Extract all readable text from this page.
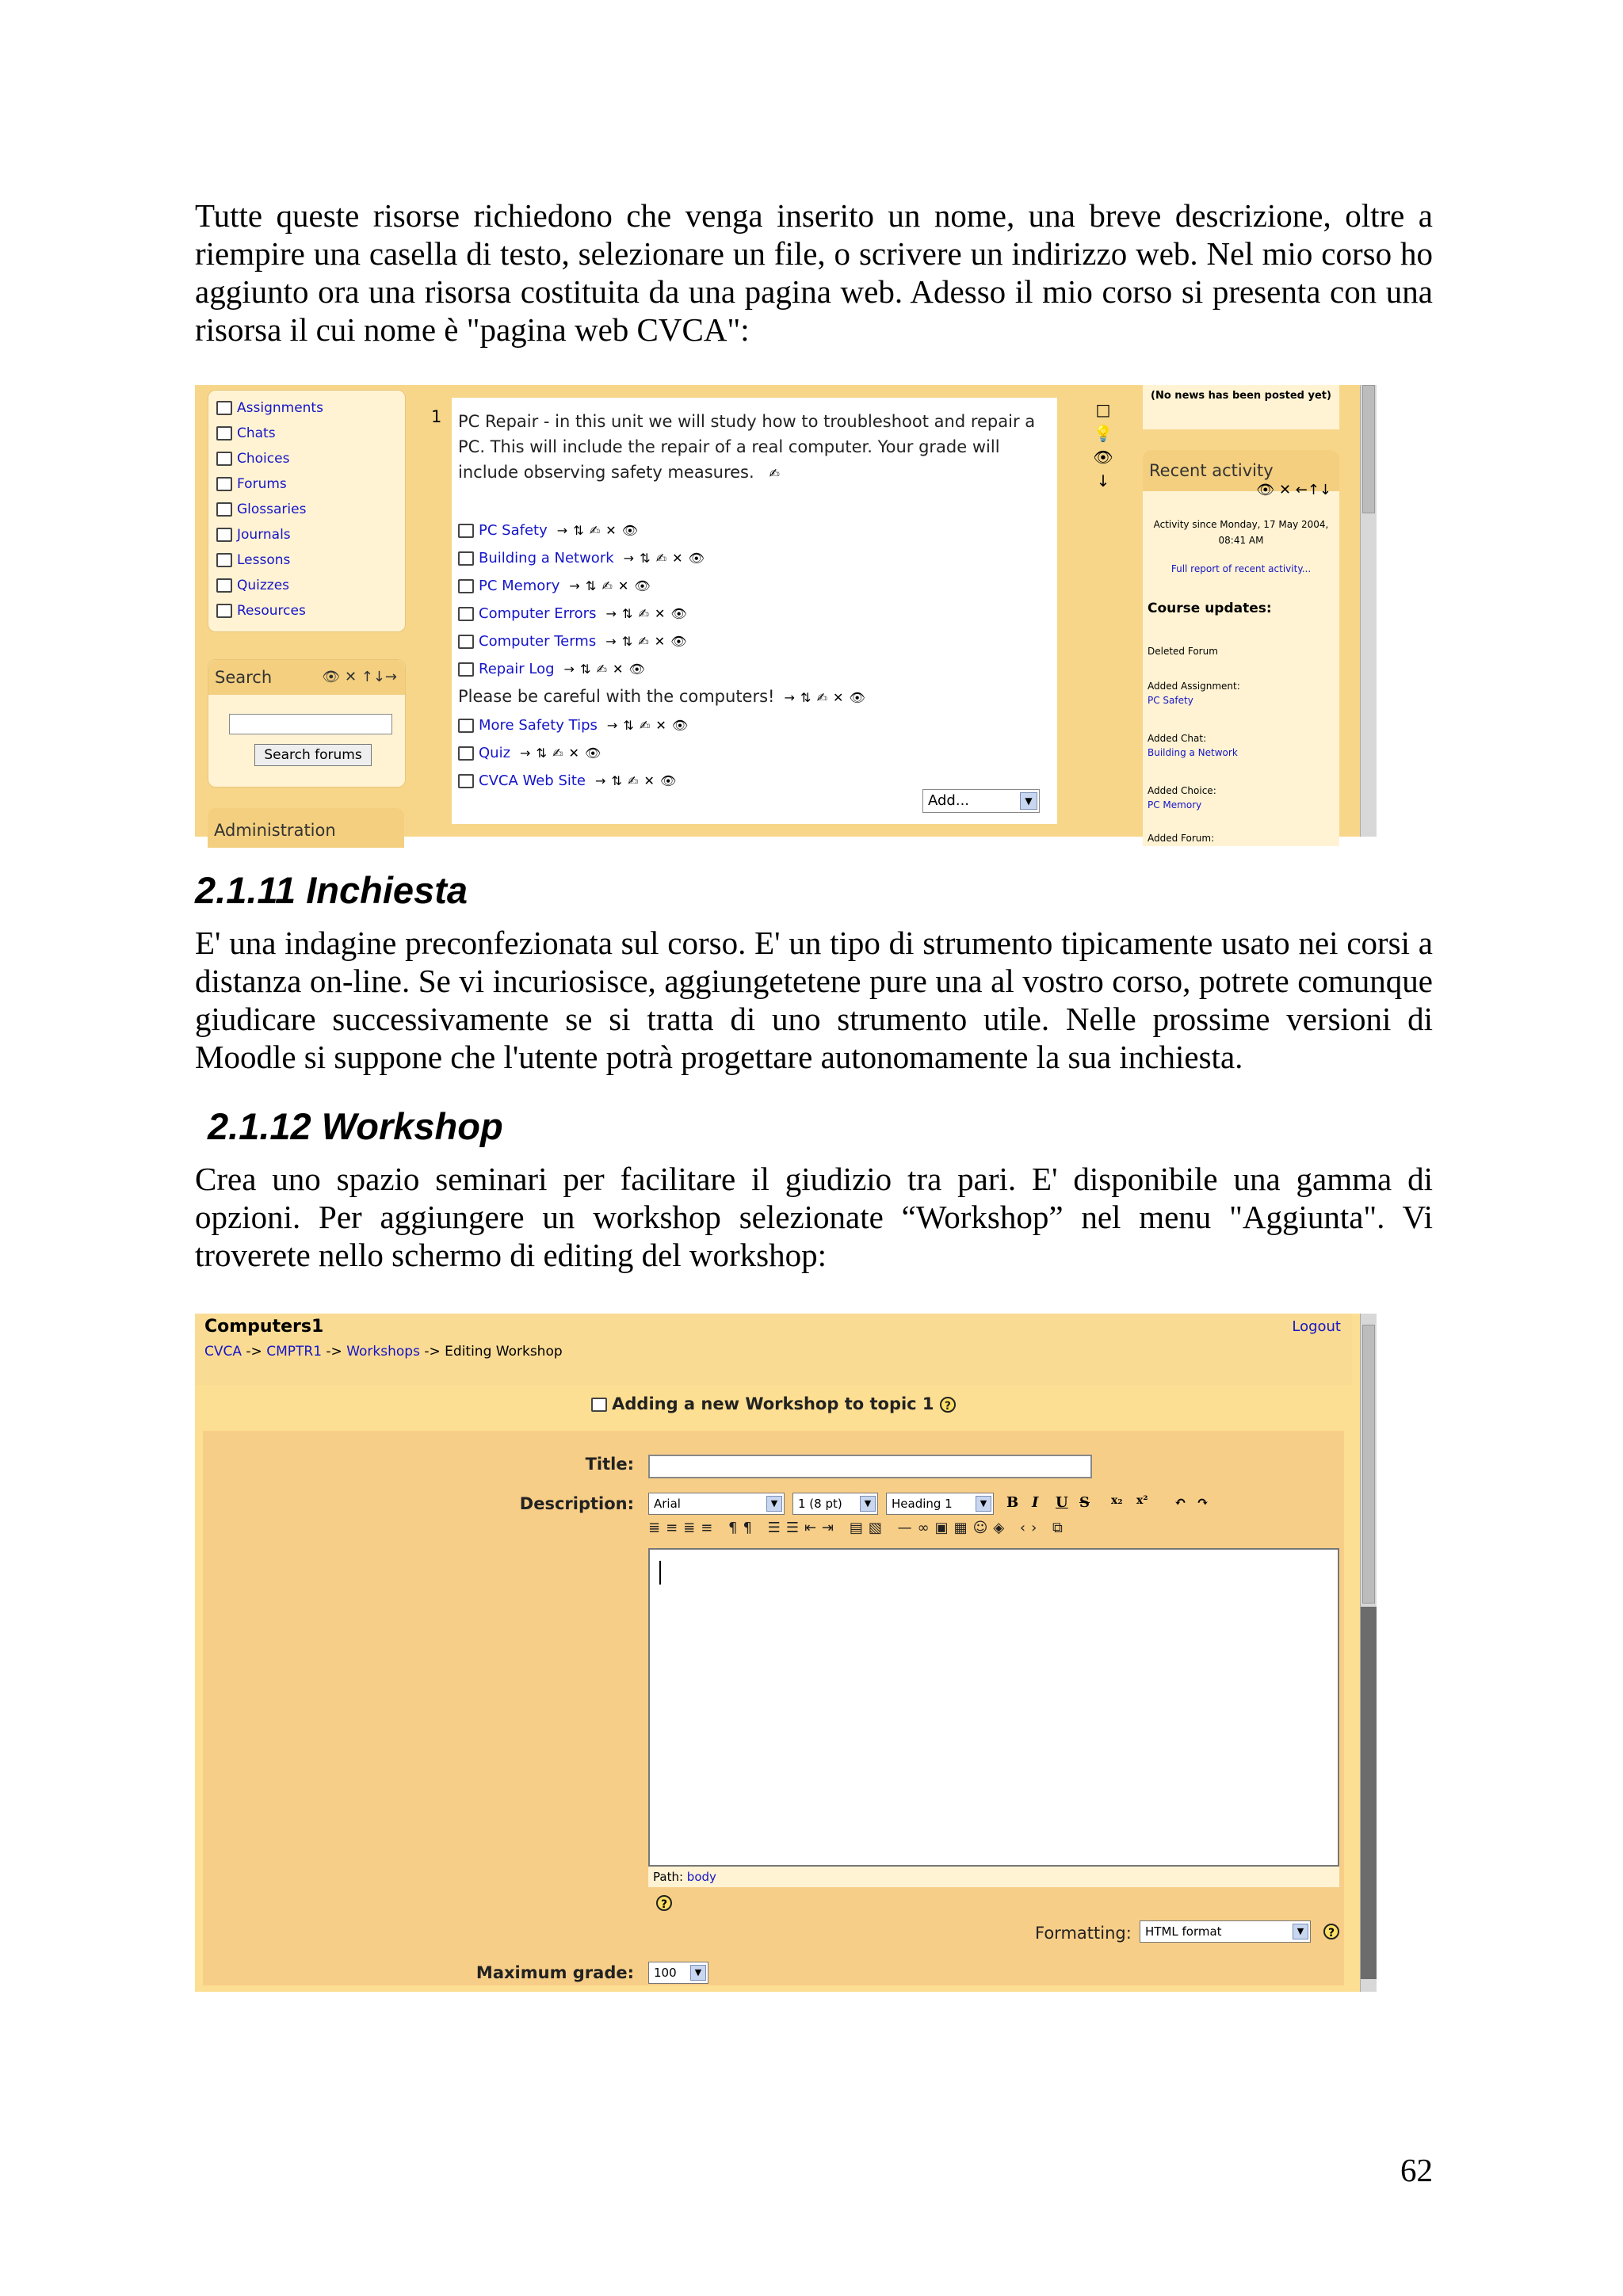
Tutte queste risorse richiedono che venga inserito un nome, una breve descrizione, oltre a riempire una casella di testo, selezionare un file, o scrivere un indirizzo web. Nel mio corso ho aggiunto ora una risorsa costituita da una pagina web. Adesso il mio corso si presenta con una risorsa il cui nome è "pagina web CVCA":

Assignments
Chats
Choices
Forums
Glossaries
Journals
Lessons
Quizzes
Resources
Search	👁 ✕ ↑↓→
Search forums
Administration
PC Repair - in this unit we will study how to troubleshoot and repair a PC. This will include the repair of a real computer. Your grade will include observing safety measures. ✍
PC Safety → ⇅ ✍ ✕ 👁
Building a Network → ⇅ ✍ ✕ 👁
PC Memory → ⇅ ✍ ✕ 👁
Computer Errors → ⇅ ✍ ✕ 👁
Computer Terms → ⇅ ✍ ✕ 👁
Repair Log → ⇅ ✍ ✕ 👁
Please be careful with the computers! → ⇅ ✍ ✕ 👁
More Safety Tips → ⇅ ✍ ✕ 👁
Quiz → ⇅ ✍ ✕ 👁
CVCA Web Site → ⇅ ✍ ✕ 👁
Add...	▼
1	□
💡
👁
↓
(No news has been posted yet)
Recent activity
👁 ✕ ←↑↓
Activity since Monday, 17 May 2004, 08:41 AM
Full report of recent activity...
Course updates:
Deleted Forum
Added Assignment:
PC Safety
Added Chat:
Building a Network
Added Choice:
PC Memory
Added Forum:
2.1.11 Inchiesta

E' una indagine preconfezionata sul corso. E' un tipo di strumento tipicamente usato nei corsi a distanza on-line. Se vi incuriosisce, aggiungetetene pure una al vostro corso, potrete comunque giudicare successivamente se si tratta di uno strumento utile. Nelle prossime versioni di Moodle si suppone che l'utente potrà progettare autonomamente la sua inchiesta.

2.1.12 Workshop

Crea uno spazio seminari per facilitare il giudizio tra pari. E' disponibile una gamma di opzioni. Per aggiungere un workshop selezionate “Workshop” nel menu "Aggiunta". Vi troverete nello schermo di editing del workshop:

Computers1	Logout
CVCA -> CMPTR1 -> Workshops -> Editing Workshop
Adding a new Workshop to topic 1 ?
Title:
Description:	Arial	▼	1 (8 pt)	▼	Heading 1	▼	B I U S x₂ x² ↶ ↷
≣≡≣≡ ¶¶ ☰☰⇤⇥ ▤▧ —∞▣▦☺◈ ‹› ⧉
Path: body
?
Formatting:	HTML format	▼	?
Maximum grade:	100	▼
62
